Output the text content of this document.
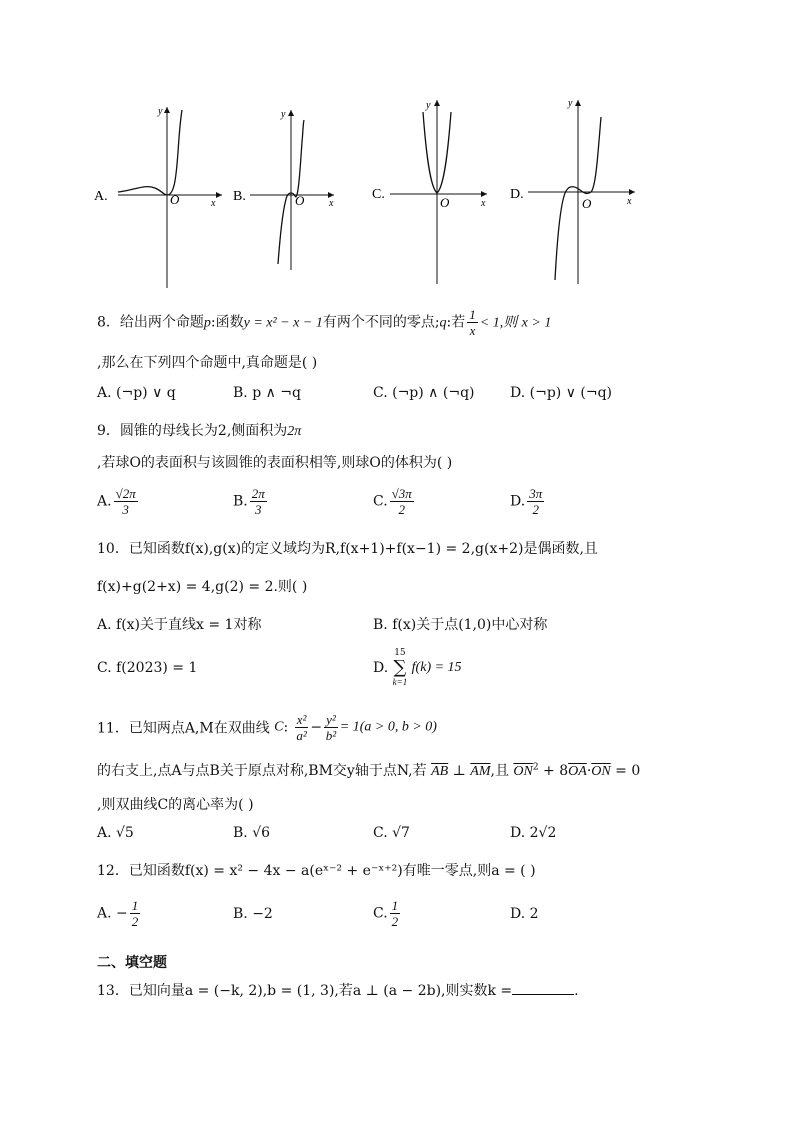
A.	O	x
y
B.	O x
y
C.
O	x
y
D.
O	x
y
8．给出两个命题p:函数y = x² − x − 1有两个不同的零点;q:若 $\frac{1}{x} < 1$,则 x > 1
,那么在下列四个命题中,真命题是( )
A. (¬p) ∨ q	B. p ∧ ¬q	C. (¬p) ∧ (¬q)	D. (¬p) ∨ (¬q)
9．圆锥的母线长为2,侧面积为2π
,若球O的表面积与该圆锥的表面积相等,则球O的体积为( )
A. $\frac{√2\pi}{3}$	B. $\frac{2\pi}{3}$	C. $\frac{√3\pi}{2}$	D. $\frac{3\pi}{2}$
10．已知函数f(x),g(x)的定义域均为R,f(x+1)+f(x−1) = 2,g(x+2)是偶函数,且
f(x)+g(2+x) = 4,g(2) = 2.则( )
A. f(x)关于直线x = 1对称	B. f(x)关于点(1,0)中心对称
C. f(2023) = 1	D.
15
∑
k=1
f(k) = 15
11．已知两点A,M在双曲线 C: $\frac{\text{x²}}{\text{a²}} - \frac{\text{y²}}{\text{b²}} = 1(a > 0$, b > 0)
的右支上,点A与点B关于原点对称,BM交y轴于点N,若 $\overline{AB}$ ⊥ $\overline{AM}$,且 $\overline{ON}^2 + 8\overline{OA}\cdot\overline{ON} = 0$
,则双曲线C的离心率为( )
A. √5	B. √6	C. √7	D. 2√2
12．已知函数f(x) = x² − 4x − a(eˣ⁻² + e⁻ˣ⁺²)有唯一零点,则a = ( )
A. − $\frac{1}{2}$	B. −2	C. $\frac{1}{2}$	D. 2
二、填空题
13．已知向量a = (−k, 2),b = (1, 3),若a ⊥ (a − 2b),则实数k =	.
